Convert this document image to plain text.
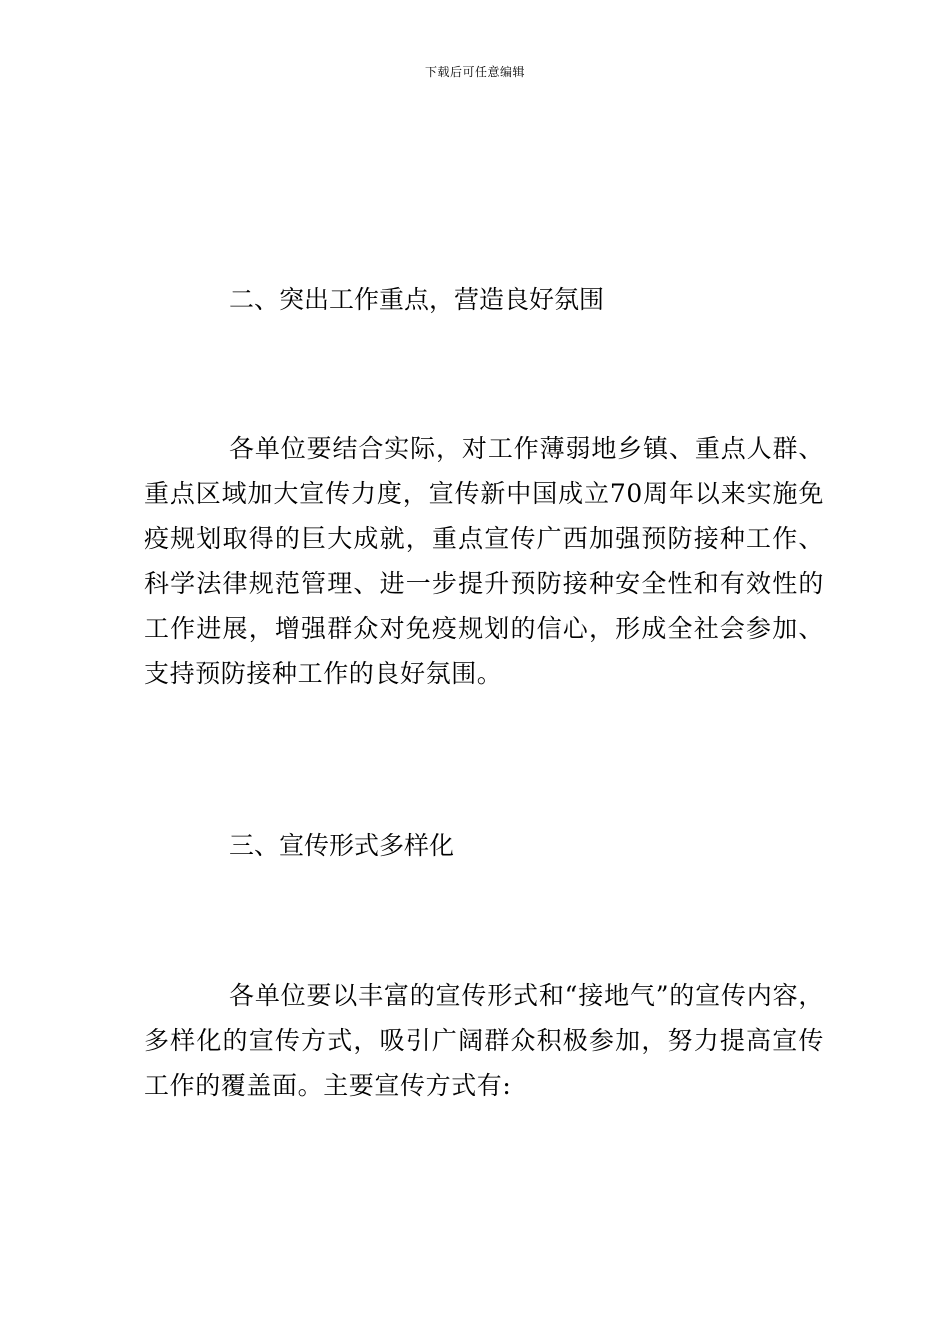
下载后可任意编辑
二、突出工作重点，营造良好氛围

各单位要结合实际，对工作薄弱地乡镇、重点人群、重点区域加大宣传力度，宣传新中国成立70周年以来实施免疫规划取得的巨大成就，重点宣传广西加强预防接种工作、科学法律规范管理、进一步提升预防接种安全性和有效性的工作进展，增强群众对免疫规划的信心，形成全社会参加、支持预防接种工作的良好氛围。

三、宣传形式多样化

各单位要以丰富的宣传形式和“接地气”的宣传内容，多样化的宣传方式，吸引广阔群众积极参加，努力提高宣传工作的覆盖面。主要宣传方式有:
